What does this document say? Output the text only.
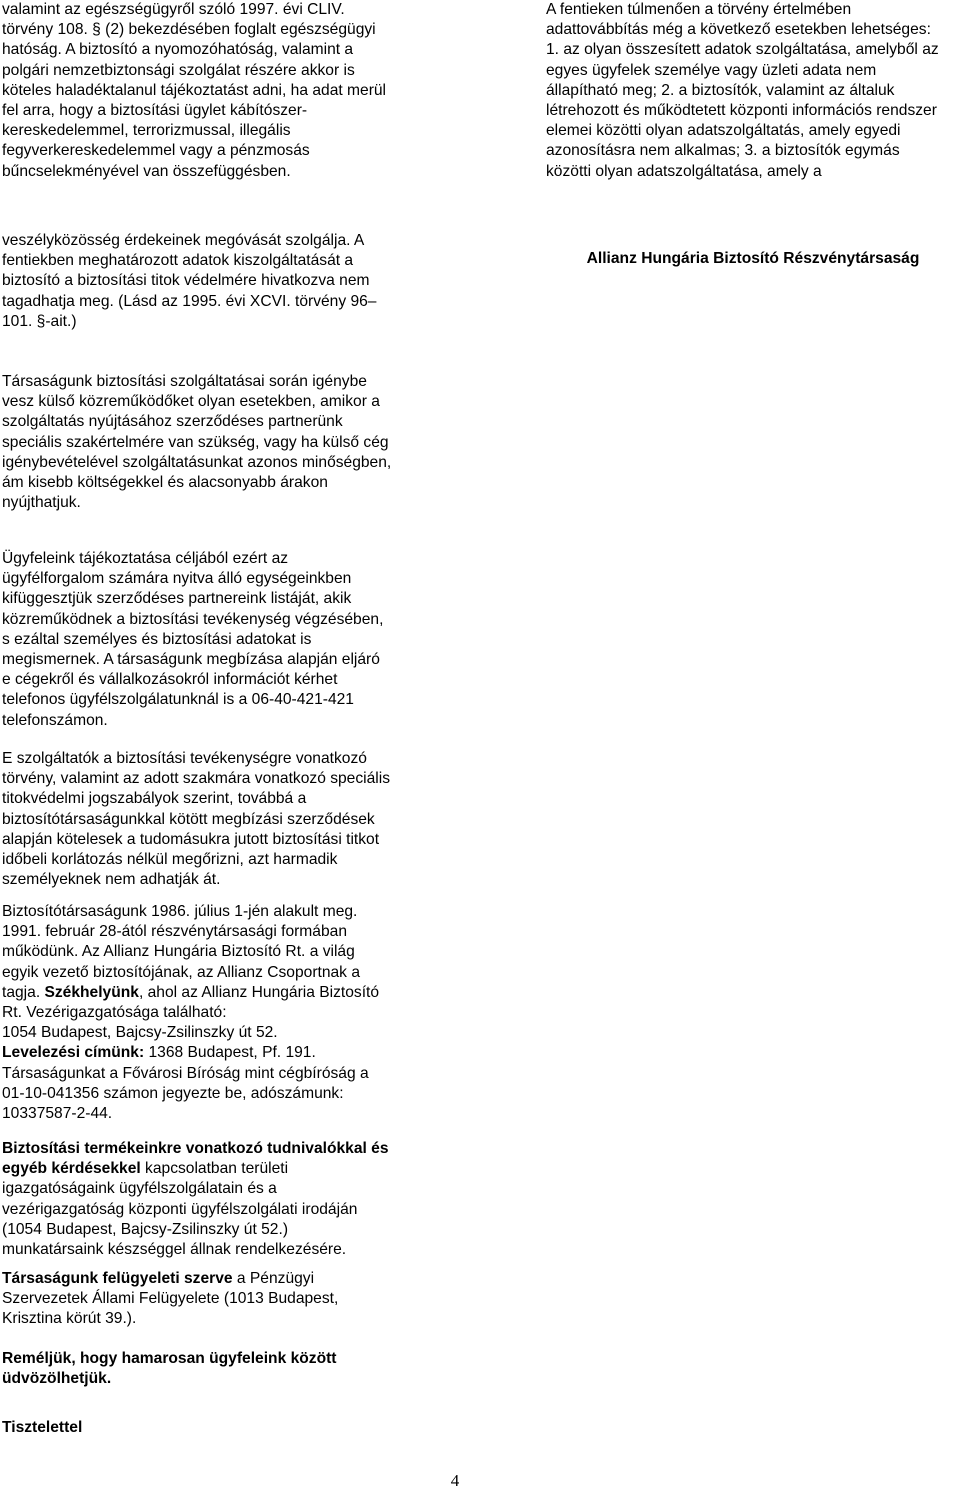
valamint az egészségügyről szóló 1997. évi CLIV.
törvény 108. § (2) bekezdésében foglalt egészségügyi
hatóság. A biztosító a nyomozóhatóság, valamint a
polgári nemzetbiztonsági szolgálat részére akkor is
köteles haladéktalanul tájékoztatást adni, ha adat merül
fel arra, hogy a biztosítási ügylet kábítószer-
kereskedelemmel, terrorizmussal, illegális
fegyverkereskedelemmel vagy a pénzmosás
bűncselekményével van összefüggésben.

veszélyközösség érdekeinek megóvását szolgálja. A
fentiekben meghatározott adatok kiszolgáltatását a
biztosító a biztosítási titok védelmére hivatkozva nem
tagadhatja meg. (Lásd az 1995. évi XCVI. törvény 96–
101. §-ait.)

Társaságunk biztosítási szolgáltatásai során igénybe
vesz külső közreműködőket olyan esetekben, amikor a
szolgáltatás nyújtásához szerződéses partnerünk
speciális szakértelmére van szükség, vagy ha külső cég
igénybevételével szolgáltatásunkat azonos minőségben,
ám kisebb költségekkel és alacsonyabb árakon
nyújthatjuk.

Ügyfeleink tájékoztatása céljából ezért az
ügyfélforgalom számára nyitva álló egységeinkben
kifüggesztjük szerződéses partnereink listáját, akik
közreműködnek a biztosítási tevékenység végzésében,
s ezáltal személyes és biztosítási adatokat is
megismernek. A társaságunk megbízása alapján eljáró
e cégekről és vállalkozásokról információt kérhet
telefonos ügyfélszolgálatunknál is a 06-40-421-421
telefonszámon.

E szolgáltatók a biztosítási tevékenységre vonatkozó
törvény, valamint az adott szakmára vonatkozó speciális
titokvédelmi jogszabályok szerint, továbbá a
biztosítótársaságunkkal kötött megbízási szerződések
alapján kötelesek a tudomásukra jutott biztosítási titkot
időbeli korlátozás nélkül megőrizni, azt harmadik
személyeknek nem adhatják át.

Biztosítótársaságunk 1986. július 1-jén alakult meg.
1991. február 28-ától részvénytársasági formában
működünk. Az Allianz Hungária Biztosító Rt. a világ
egyik vezető biztosítójának, az Allianz Csoportnak a
tagja. Székhelyünk, ahol az Allianz Hungária Biztosító
Rt. Vezérigazgatósága található:
1054 Budapest, Bajcsy-Zsilinszky út 52.
Levelezési címünk: 1368 Budapest, Pf. 191.
Társaságunkat a Fővárosi Bíróság mint cégbíróság a
01-10-041356 számon jegyezte be, adószámunk:
10337587-2-44.

Biztosítási termékeinkre vonatkozó tudnivalókkal és
egyéb kérdésekkel kapcsolatban területi
igazgatóságaink ügyfélszolgálatain és a
vezérigazgatóság központi ügyfélszolgálati irodáján
(1054 Budapest, Bajcsy-Zsilinszky út 52.)
munkatársaink készséggel állnak rendelkezésére.

Társaságunk felügyeleti szerve a Pénzügyi
Szervezetek Állami Felügyelete (1013 Budapest,
Krisztina körút 39.).

Reméljük, hogy hamarosan ügyfeleink között
üdvözölhetjük.

Tisztelettel

A fentieken túlmenően a törvény értelmében
adattovábbítás még a következő esetekben lehetséges:
1. az olyan összesített adatok szolgáltatása, amelyből az
egyes ügyfelek személye vagy üzleti adata nem
állapítható meg; 2. a biztosítók, valamint az általuk
létrehozott és működtetett központi információs rendszer
elemei közötti olyan adatszolgáltatás, amely egyedi
azonosításra nem alkalmas; 3. a biztosítók egymás
közötti olyan adatszolgáltatása, amely a

Allianz Hungária Biztosító Részvénytársaság

4
